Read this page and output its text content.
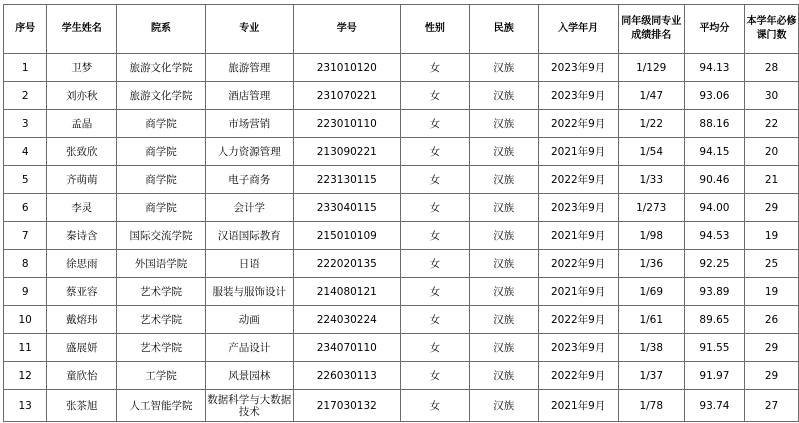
序号	学生姓名	院系	专业	学号	性别	民族	入学年月	同年级同专业成绩排名	平均分	本学年必修课门数
1	卫梦	旅游文化学院	旅游管理	231010120	女	汉族	2023年9月	1/129	94.13	28
2	刘亦秋	旅游文化学院	酒店管理	231070221	女	汉族	2023年9月	1/47	93.06	30
3	孟晶	商学院	市场营销	223010110	女	汉族	2022年9月	1/22	88.16	22
4	张致欣	商学院	人力资源管理	213090221	女	汉族	2021年9月	1/54	94.15	20
5	齐萌萌	商学院	电子商务	223130115	女	汉族	2022年9月	1/33	90.46	21
6	李灵	商学院	会计学	233040115	女	汉族	2023年9月	1/273	94.00	29
7	秦诗含	国际交流学院	汉语国际教育	215010109	女	汉族	2021年9月	1/98	94.53	19
8	徐思雨	外国语学院	日语	222020135	女	汉族	2022年9月	1/36	92.25	25
9	蔡亚容	艺术学院	服装与服饰设计	214080121	女	汉族	2021年9月	1/69	93.89	19
10	戴熔玮	艺术学院	动画	224030224	女	汉族	2022年9月	1/61	89.65	26
11	盛展妍	艺术学院	产品设计	234070110	女	汉族	2023年9月	1/38	91.55	29
12	童欣怡	工学院	风景园林	226030113	女	汉族	2022年9月	1/37	91.97	29
13	张茶旭	人工智能学院	数据科学与大数据技术	217030132	女	汉族	2021年9月	1/78	93.74	27
